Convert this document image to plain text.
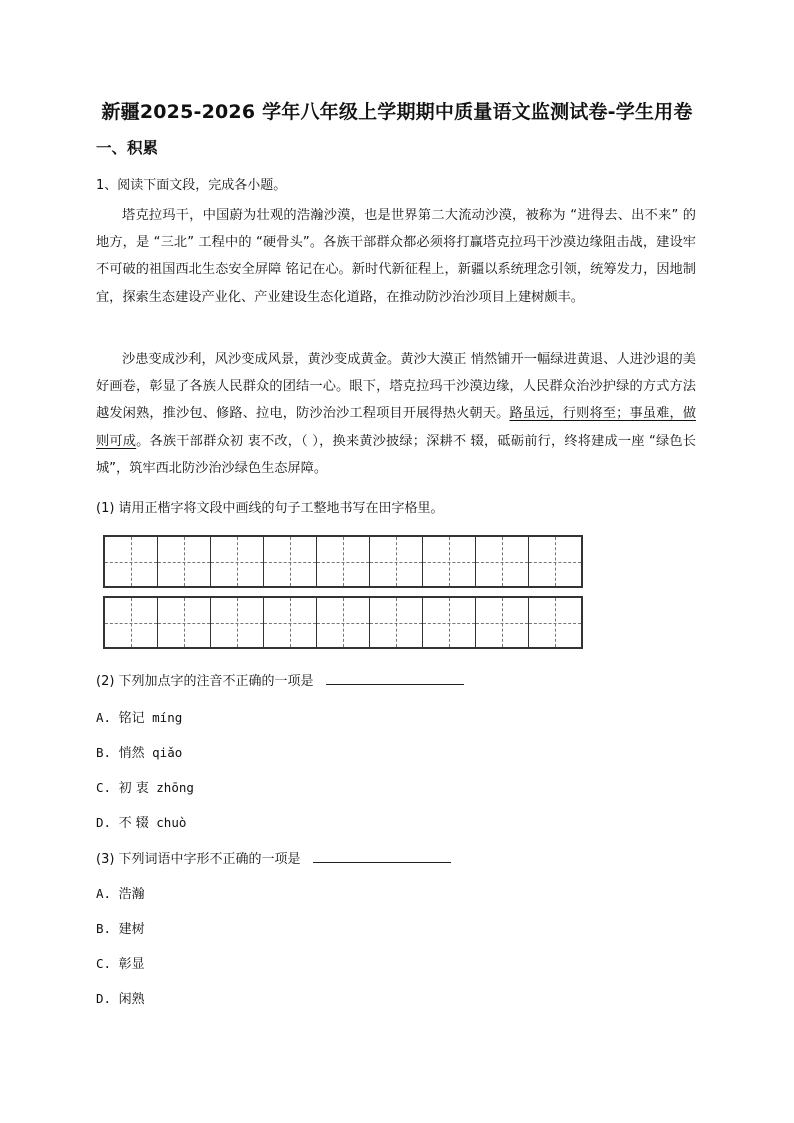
新疆2025-2026 学年八年级上学期期中质量语文监测试卷-学生用卷
一、积累
1、阅读下面文段，完成各小题。

塔克拉玛干，中国蔚为壮观的浩瀚沙漠，也是世界第二大流动沙漠，被称为 “进得去、出不来” 的地方，是 “三北” 工程中的 “硬骨头”。各族干部群众都必须将打赢塔克拉玛干沙漠边缘阻击战，建设牢不可破的祖国西北生态安全屏障 铭记在心。新时代新征程上，新疆以系统理念引领，统筹发力，因地制宜，探索生态建设产业化、产业建设生态化道路，在推动防沙治沙项目上建树颇丰。

沙患变成沙利，风沙变成风景，黄沙变成黄金。黄沙大漠正 悄然铺开一幅绿进黄退、人进沙退的美好画卷，彰显了各族人民群众的团结一心。眼下，塔克拉玛干沙漠边缘，人民群众治沙护绿的方式方法越发闲熟，推沙包、修路、拉电，防沙治沙工程项目开展得热火朝天。路虽远，行则将至；事虽难，做则可成。各族干部群众初 衷不改，（ ），换来黄沙披绿；深耕不 辍，砥砺前行，终将建成一座 “绿色长城”，筑牢西北防沙治沙绿色生态屏障。

(1) 请用正楷字将文段中画线的句子工整地书写在田字格里。
(2) 下列加点字的注音不正确的一项是
A. 铭记 míng
B. 悄然 qiǎo
C. 初 衷 zhōng
D. 不 辍 chuò
(3) 下列词语中字形不正确的一项是
A. 浩瀚
B. 建树
C. 彰显
D. 闲熟
